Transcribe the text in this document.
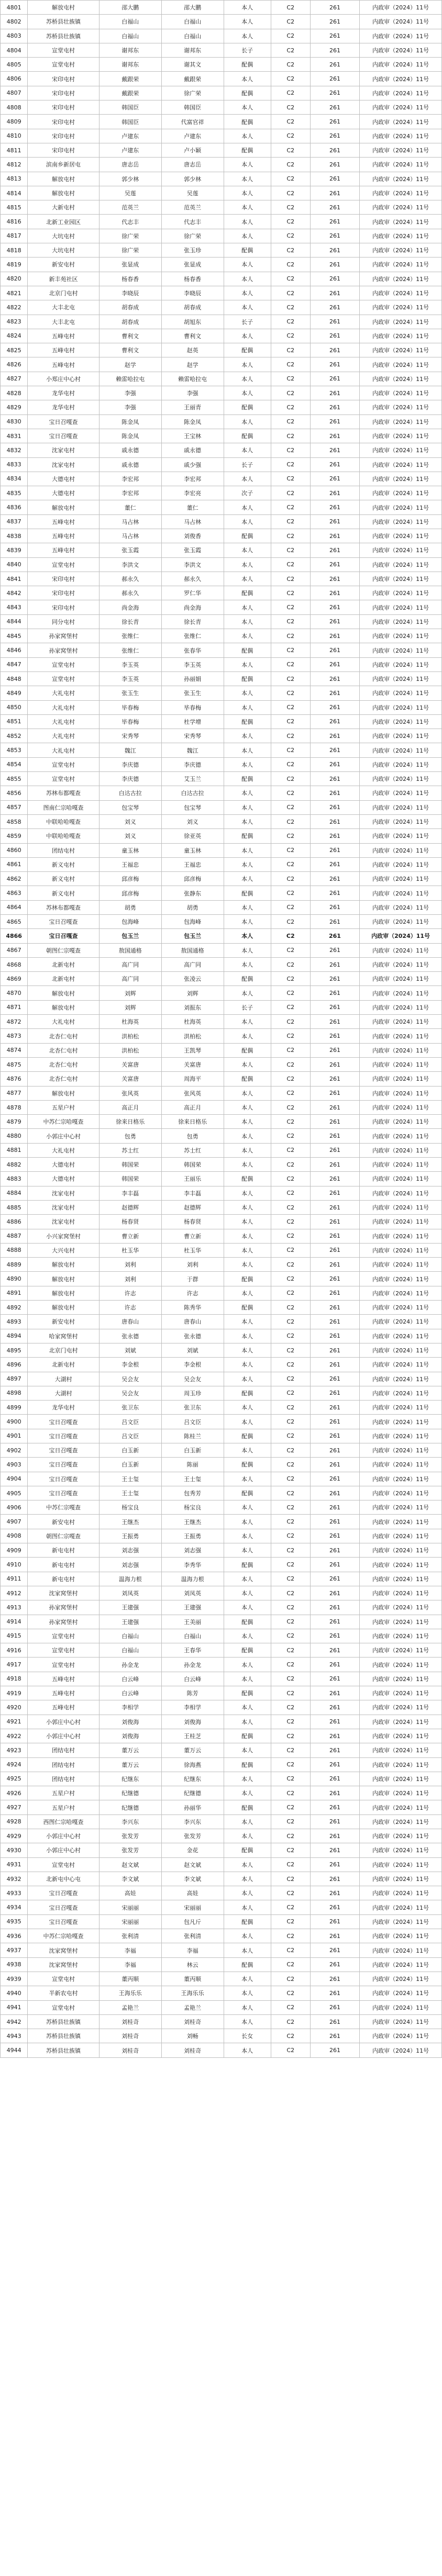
4801	解放屯村	邵大鹏	邵大鹏	本人	C2	261	内政审（2024）11号
4802	苏桥县壮族镇	白福山	白福山	本人	C2	261	内政审（2024）11号
4803	苏桥县壮族镇	白福山	白福山	本人	C2	261	内政审（2024）11号
4804	宣堂屯村	谢邦东	谢邦东	长子	C2	261	内政审（2024）11号
4805	宣堂屯村	谢邦东	谢其文	配偶	C2	261	内政审（2024）11号
4806	宋印屯村	戴跟荣	戴跟荣	本人	C2	261	内政审（2024）11号
4807	宋印屯村	戴跟荣	徐广荣	配偶	C2	261	内政审（2024）11号
4808	宋印屯村	韩国臣	韩国臣	本人	C2	261	内政审（2024）11号
4809	宋印屯村	韩国臣	代富官祥	配偶	C2	261	内政审（2024）11号
4810	宋印屯村	卢建东	卢建东	本人	C2	261	内政审（2024）11号
4811	宋印屯村	卢建东	卢小颖	配偶	C2	261	内政审（2024）11号
4812	滨南乡新居屯	唐志岳	唐志岳	本人	C2	261	内政审（2024）11号
4813	解放屯村	郭少林	郭少林	本人	C2	261	内政审（2024）11号
4814	解放屯村	吴莲	吴莲	本人	C2	261	内政审（2024）11号
4815	大新屯村	范英兰	范英兰	本人	C2	261	内政审（2024）11号
4816	北新工业园区	代志丰	代志丰	本人	C2	261	内政审（2024）11号
4817	大坑屯村	徐广荣	徐广荣	本人	C2	261	内政审（2024）11号
4818	大坑屯村	徐广荣	张玉珍	配偶	C2	261	内政审（2024）11号
4819	新安屯村	张显成	张显成	本人	C2	261	内政审（2024）11号
4820	新丰苑社区	杨春香	杨春香	本人	C2	261	内政审（2024）11号
4821	北京门屯村	李晓辰	李晓辰	本人	C2	261	内政审（2024）11号
4822	大丰北屯	胡春成	胡春成	本人	C2	261	内政审（2024）11号
4823	大丰北屯	胡春成	胡旭东	长子	C2	261	内政审（2024）11号
4824	五峰屯村	曹利文	曹利文	本人	C2	261	内政审（2024）11号
4825	五峰屯村	曹利文	赵英	配偶	C2	261	内政审（2024）11号
4826	五峰屯村	赵学	赵学	本人	C2	261	内政审（2024）11号
4827	小郑庄中心村	赖雷哈拉屯	赖雷哈拉屯	本人	C2	261	内政审（2024）11号
4828	龙华屯村	李强	李强	本人	C2	261	内政审（2024）11号
4829	龙华屯村	李强	王丽青	配偶	C2	261	内政审（2024）11号
4830	宝日召嘎查	陈金凤	陈金凤	本人	C2	261	内政审（2024）11号
4831	宝日召嘎查	陈金凤	王宝林	配偶	C2	261	内政审（2024）11号
4832	沈家屯村	戚永德	戚永德	本人	C2	261	内政审（2024）11号
4833	沈家屯村	戚永德	戚少强	长子	C2	261	内政审（2024）11号
4834	大德屯村	李宏邦	李宏邦	本人	C2	261	内政审（2024）11号
4835	大德屯村	李宏邦	李宏亮	次子	C2	261	内政审（2024）11号
4836	解放屯村	董仁	董仁	本人	C2	261	内政审（2024）11号
4837	五峰屯村	马占林	马占林	本人	C2	261	内政审（2024）11号
4838	五峰屯村	马占林	刘俊香	配偶	C2	261	内政审（2024）11号
4839	五峰屯村	张玉霞	张玉霞	本人	C2	261	内政审（2024）11号
4840	宣堂屯村	李洪文	李洪文	本人	C2	261	内政审（2024）11号
4841	宋印屯村	郝永久	郝永久	本人	C2	261	内政审（2024）11号
4842	宋印屯村	郝永久	罗仁华	配偶	C2	261	内政审（2024）11号
4843	宋印屯村	尚金海	尚金海	本人	C2	261	内政审（2024）11号
4844	同分屯村	徐长青	徐长青	本人	C2	261	内政审（2024）11号
4845	孙家窝堡村	张维仁	张维仁	本人	C2	261	内政审（2024）11号
4846	孙家窝堡村	张维仁	张春华	配偶	C2	261	内政审（2024）11号
4847	宣堂屯村	李玉英	李玉英	本人	C2	261	内政审（2024）11号
4848	宣堂屯村	李玉英	孙丽娟	配偶	C2	261	内政审（2024）11号
4849	大礼屯村	张玉生	张玉生	本人	C2	261	内政审（2024）11号
4850	大礼屯村	毕春梅	毕春梅	本人	C2	261	内政审（2024）11号
4851	大礼屯村	毕春梅	杜学增	配偶	C2	261	内政审（2024）11号
4852	大礼屯村	宋秀琴	宋秀琴	本人	C2	261	内政审（2024）11号
4853	大礼屯村	魏江	魏江	本人	C2	261	内政审（2024）11号
4854	宣堂屯村	李庆德	李庆德	本人	C2	261	内政审（2024）11号
4855	宣堂屯村	李庆德	艾玉兰	配偶	C2	261	内政审（2024）11号
4856	苏林布都嘎查	白达古拉	白达古拉	本人	C2	261	内政审（2024）11号
4857	图南仁宗哈嘎查	包宝琴	包宝琴	本人	C2	261	内政审（2024）11号
4858	中联哈哈嘎查	刘义	刘义	本人	C2	261	内政审（2024）11号
4859	中联哈哈嘎查	刘义	徐亚英	配偶	C2	261	内政审（2024）11号
4860	团结屯村	童玉林	童玉林	本人	C2	261	内政审（2024）11号
4861	新义屯村	王福忠	王福忠	本人	C2	261	内政审（2024）11号
4862	新义屯村	邱彦梅	邱彦梅	本人	C2	261	内政审（2024）11号
4863	新义屯村	邱彦梅	张静东	配偶	C2	261	内政审（2024）11号
4864	苏林布都嘎查	胡勇	胡勇	本人	C2	261	内政审（2024）11号
4865	宝日召嘎查	包海峰	包海峰	本人	C2	261	内政审（2024）11号
4866	宝日召嘎查	包玉兰	包玉兰	本人	C2	261	内政审（2024）11号
4867	朝图仁宗嘎查	敖国通格	敖国通格	本人	C2	261	内政审（2024）11号
4868	北新屯村	高广同	高广同	本人	C2	261	内政审（2024）11号
4869	北新屯村	高广同	张凌云	配偶	C2	261	内政审（2024）11号
4870	解放屯村	刘辉	刘辉	本人	C2	261	内政审（2024）11号
4871	解放屯村	刘辉	刘振东	长子	C2	261	内政审（2024）11号
4872	大礼屯村	杜海英	杜海英	本人	C2	261	内政审（2024）11号
4873	北杏仁屯村	洪柏松	洪柏松	本人	C2	261	内政审（2024）11号
4874	北杏仁屯村	洪柏松	王凯琴	配偶	C2	261	内政审（2024）11号
4875	北杏仁屯村	关富唐	关富唐	本人	C2	261	内政审（2024）11号
4876	北杏仁屯村	关富唐	周海平	配偶	C2	261	内政审（2024）11号
4877	解放屯村	张风英	张风英	本人	C2	261	内政审（2024）11号
4878	五星户村	高正月	高正月	本人	C2	261	内政审（2024）11号
4879	中苏仁宗哈嘎查	徐来日格乐	徐来日格乐	本人	C2	261	内政审（2024）11号
4880	小郭庄中心村	包勇	包勇	本人	C2	261	内政审（2024）11号
4881	大礼屯村	苏士红	苏士红	本人	C2	261	内政审（2024）11号
4882	大德屯村	韩国荣	韩国荣	本人	C2	261	内政审（2024）11号
4883	大德屯村	韩国荣	王丽乐	配偶	C2	261	内政审（2024）11号
4884	沈家屯村	李丰磊	李丰磊	本人	C2	261	内政审（2024）11号
4885	沈家屯村	赵德辉	赵德辉	本人	C2	261	内政审（2024）11号
4886	沈家屯村	杨春贤	杨春贤	本人	C2	261	内政审（2024）11号
4887	小兴家窝堡村	曹立新	曹立新	本人	C2	261	内政审（2024）11号
4888	大兴屯村	杜玉华	杜玉华	本人	C2	261	内政审（2024）11号
4889	解放屯村	刘利	刘利	本人	C2	261	内政审（2024）11号
4890	解放屯村	刘利	于群	配偶	C2	261	内政审（2024）11号
4891	解放屯村	许志	许志	本人	C2	261	内政审（2024）11号
4892	解放屯村	许志	陈秀华	配偶	C2	261	内政审（2024）11号
4893	新安屯村	唐春山	唐春山	本人	C2	261	内政审（2024）11号
4894	哈家窝堡村	张永德	张永德	本人	C2	261	内政审（2024）11号
4895	北京门屯村	刘斌	刘斌	本人	C2	261	内政审（2024）11号
4896	北新屯村	李金根	李金根	本人	C2	261	内政审（2024）11号
4897	大湖村	吴会友	吴会友	本人	C2	261	内政审（2024）11号
4898	大湖村	吴会友	周玉珍	配偶	C2	261	内政审（2024）11号
4899	龙华屯村	张卫东	张卫东	本人	C2	261	内政审（2024）11号
4900	宝日召嘎查	吕文臣	吕文臣	本人	C2	261	内政审（2024）11号
4901	宝日召嘎查	吕文臣	陈桂兰	配偶	C2	261	内政审（2024）11号
4902	宝日召嘎查	白玉新	白玉新	本人	C2	261	内政审（2024）11号
4903	宝日召嘎查	白玉新	陈丽	配偶	C2	261	内政审（2024）11号
4904	宝日召嘎查	王士玺	王士玺	本人	C2	261	内政审（2024）11号
4905	宝日召嘎查	王士玺	包秀芳	配偶	C2	261	内政审（2024）11号
4906	中苏仁宗嘎查	杨宝良	杨宝良	本人	C2	261	内政审（2024）11号
4907	新安屯村	王继杰	王继杰	本人	C2	261	内政审（2024）11号
4908	朝图仁宗嘎查	王振勇	王振勇	本人	C2	261	内政审（2024）11号
4909	新屯屯村	刘志强	刘志强	本人	C2	261	内政审（2024）11号
4910	新屯屯村	刘志强	李秀华	配偶	C2	261	内政审（2024）11号
4911	新屯屯村	温海力根	温海力根	本人	C2	261	内政审（2024）11号
4912	沈家窝堡村	刘凤英	刘凤英	本人	C2	261	内政审（2024）11号
4913	孙家窝堡村	王建强	王建强	本人	C2	261	内政审（2024）11号
4914	孙家窝堡村	王建强	王美丽	配偶	C2	261	内政审（2024）11号
4915	宣堂屯村	白福山	白福山	本人	C2	261	内政审（2024）11号
4916	宣堂屯村	白福山	王春华	配偶	C2	261	内政审（2024）11号
4917	宣堂屯村	孙金龙	孙金龙	本人	C2	261	内政审（2024）11号
4918	五峰屯村	白云峰	白云峰	本人	C2	261	内政审（2024）11号
4919	五峰屯村	白云峰	陈芳	配偶	C2	261	内政审（2024）11号
4920	五峰屯村	李相学	李相学	本人	C2	261	内政审（2024）11号
4921	小郭庄中心村	刘俊海	刘俊海	本人	C2	261	内政审（2024）11号
4922	小郭庄中心村	刘俊海	王桂芝	配偶	C2	261	内政审（2024）11号
4923	团结屯村	董万云	董万云	本人	C2	261	内政审（2024）11号
4924	团结屯村	董万云	徐海燕	配偶	C2	261	内政审（2024）11号
4925	团结屯村	纪继东	纪继东	本人	C2	261	内政审（2024）11号
4926	五星户村	纪继德	纪继德	本人	C2	261	内政审（2024）11号
4927	五星户村	纪继德	孙丽华	配偶	C2	261	内政审（2024）11号
4928	西图仁宗哈嘎查	李兴东	李兴东	本人	C2	261	内政审（2024）11号
4929	小郭庄中心村	张发芳	张发芳	本人	C2	261	内政审（2024）11号
4930	小郭庄中心村	张发芳	金花	配偶	C2	261	内政审（2024）11号
4931	宣堂屯村	赵文斌	赵文斌	本人	C2	261	内政审（2024）11号
4932	北新屯中心屯	李文斌	李文斌	本人	C2	261	内政审（2024）11号
4933	宝日召嘎查	高娃	高娃	本人	C2	261	内政审（2024）11号
4934	宝日召嘎查	宋丽丽	宋丽丽	本人	C2	261	内政审（2024）11号
4935	宝日召嘎查	宋丽丽	包凡斤	配偶	C2	261	内政审（2024）11号
4936	中苏仁宗哈嘎查	张利清	张利清	本人	C2	261	内政审（2024）11号
4937	沈家窝堡村	李福	李福	本人	C2	261	内政审（2024）11号
4938	沈家窝堡村	李福	林云	配偶	C2	261	内政审（2024）11号
4939	宣堂屯村	董丙顺	董丙顺	本人	C2	261	内政审（2024）11号
4940	半新农屯村	王海乐乐	王海乐乐	本人	C2	261	内政审（2024）11号
4941	宣堂屯村	孟艳兰	孟艳兰	本人	C2	261	内政审（2024）11号
4942	苏桥县壮族镇	刘桂奇	刘桂奇	本人	C2	261	内政审（2024）11号
4943	苏桥县壮族镇	刘桂奇	刘畅	长女	C2	261	内政审（2024）11号
4944	苏桥县壮族镇	刘桂奇	刘桂奇	本人	C2	261	内政审（2024）11号
